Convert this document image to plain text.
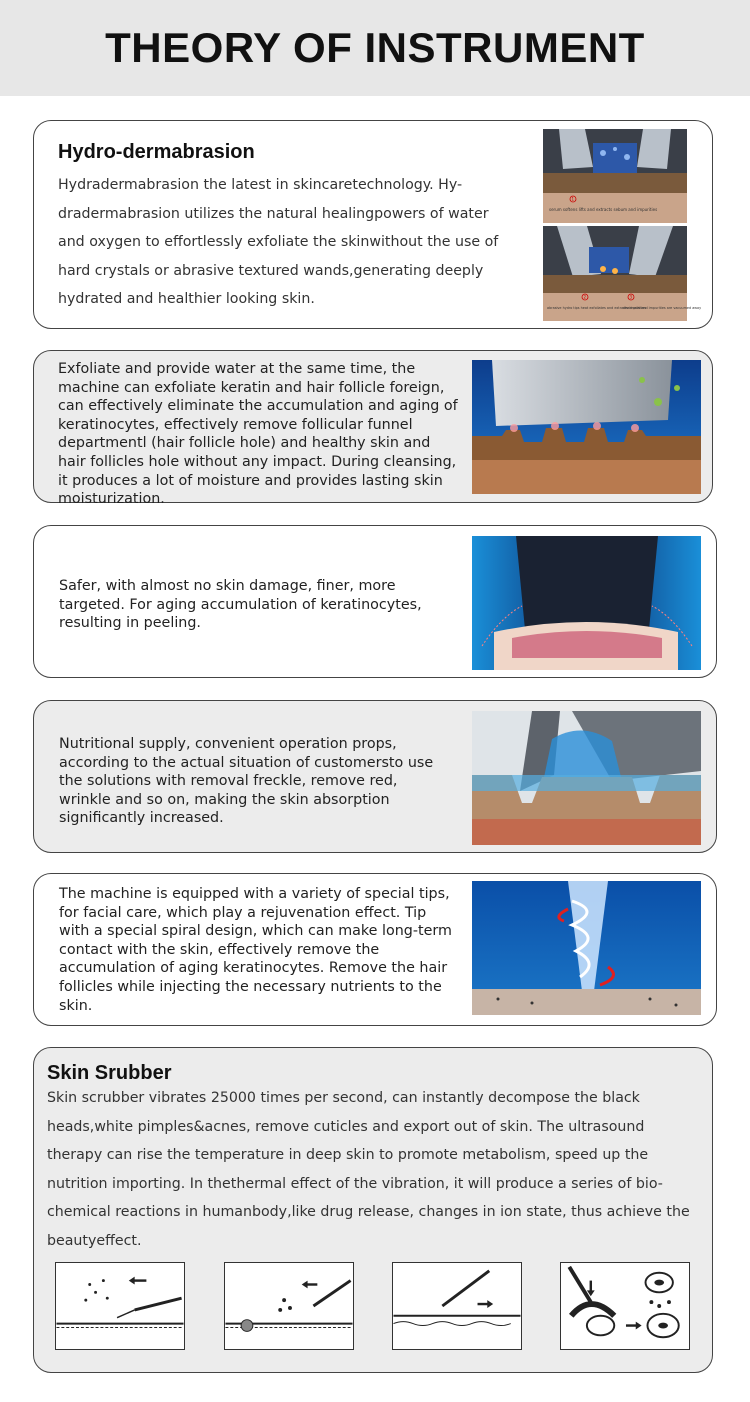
THEORY OF INSTRUMENT
Hydro-dermabrasion

Hydradermabrasion the latest in skincaretechnology. Hy-dradermabrasion utilizes the natural healingpowers of water and oxygen to effortlessly exfoliate the skinwithout the use of hard crystals or abrasive textured wands,generating deeply hydrated and healthier looking skin.

serum softens lifts and extracts sebum and impurities
1
2	3
abrasive hydro tips heat exfoliates and extracts impurities
dead cells and impurities are vacuumed away

Exfoliate and provide water at the same time, the machine can exfoliate keratin and hair follicle foreign, can effectively eliminate the accumulation and aging of keratinocytes, effectively remove follicular funnel departmentl (hair follicle hole) and healthy skin and hair follicles hole without any impact. During cleansing, it produces a lot of moisture and provides lasting skin moisturization.

Safer, with almost no skin damage, finer, more targeted. For aging accumulation of keratinocytes, resulting in peeling.

Nutritional supply, convenient operation props, according to the actual situation of customersto use the solutions with removal freckle, remove red, wrinkle and so on, making the skin absorption significantly increased.

The machine is equipped with a variety of special tips, for facial care, which play a rejuvenation effect. Tip with a special spiral design, which can make long-term contact with the skin, effectively remove the accumulation of aging keratinocytes. Remove the hair follicles while injecting the necessary nutrients to the skin.

Skin Srubber

Skin scrubber vibrates 25000 times per second, can instantly decompose the black heads,white pimples&acnes, remove cuticles and export out of skin. The ultrasound therapy can rise the temperature in deep skin to promote metabolism, speed up the nutrition importing. In thethermal effect of the vibration, it will produce a series of bio-chemical reactions in humanbody,like drug release, changes in ion state, thus achieve the beautyeffect.
